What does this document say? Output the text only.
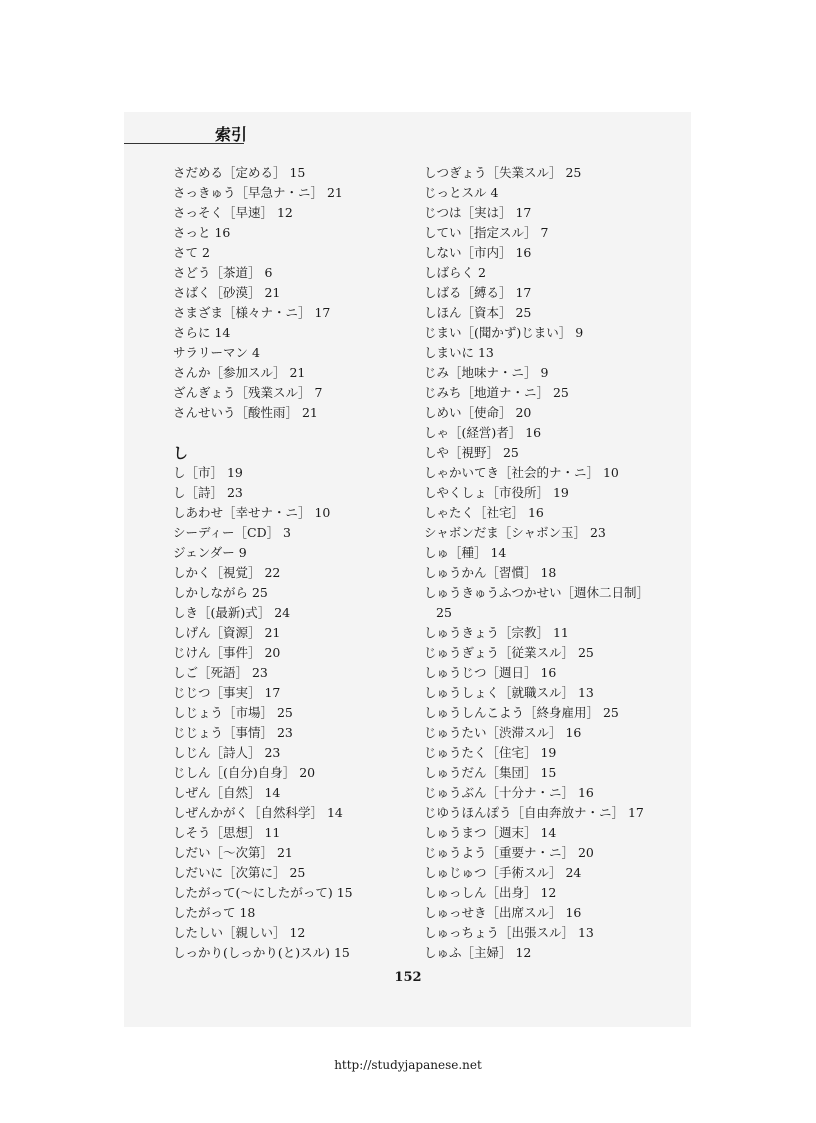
索引
さだめる［定める］ 15
さっきゅう［早急ナ・ニ］ 21
さっそく［早速］ 12
さっと 16
さて 2
さどう［茶道］ 6
さばく［砂漠］ 21
さまざま［様々ナ・ニ］ 17
さらに 14
サラリーマン 4
さんか［参加スル］ 21
ざんぎょう［残業スル］ 7
さんせいう［酸性雨］ 21
し
し［市］ 19
し［詩］ 23
しあわせ［幸せナ・ニ］ 10
シーディー［CD］ 3
ジェンダー 9
しかく［視覚］ 22
しかしながら 25
しき［(最新)式］ 24
しげん［資源］ 21
じけん［事件］ 20
しご［死語］ 23
じじつ［事実］ 17
しじょう［市場］ 25
じじょう［事情］ 23
しじん［詩人］ 23
じしん［(自分)自身］ 20
しぜん［自然］ 14
しぜんかがく［自然科学］ 14
しそう［思想］ 11
しだい［～次第］ 21
しだいに［次第に］ 25
したがって(～にしたがって) 15
したがって 18
したしい［親しい］ 12
しっかり(しっかり(と)スル) 15
しつぎょう［失業スル］ 25
じっとスル 4
じつは［実は］ 17
してい［指定スル］ 7
しない［市内］ 16
しばらく 2
しばる［縛る］ 17
しほん［資本］ 25
じまい［(聞かず)じまい］ 9
しまいに 13
じみ［地味ナ・ニ］ 9
じみち［地道ナ・ニ］ 25
しめい［使命］ 20
しゃ［(経営)者］ 16
しや［視野］ 25
しゃかいてき［社会的ナ・ニ］ 10
しやくしょ［市役所］ 19
しゃたく［社宅］ 16
シャボンだま［シャボン玉］ 23
しゅ［種］ 14
しゅうかん［習慣］ 18
しゅうきゅうふつかせい［週休二日制］
25
しゅうきょう［宗教］ 11
じゅうぎょう［従業スル］ 25
しゅうじつ［週日］ 16
しゅうしょく［就職スル］ 13
しゅうしんこよう［終身雇用］ 25
じゅうたい［渋滞スル］ 16
じゅうたく［住宅］ 19
しゅうだん［集団］ 15
じゅうぶん［十分ナ・ニ］ 16
じゆうほんぽう［自由奔放ナ・ニ］ 17
しゅうまつ［週末］ 14
じゅうよう［重要ナ・ニ］ 20
しゅじゅつ［手術スル］ 24
しゅっしん［出身］ 12
しゅっせき［出席スル］ 16
しゅっちょう［出張スル］ 13
しゅふ［主婦］ 12
152
http://studyjapanese.net
